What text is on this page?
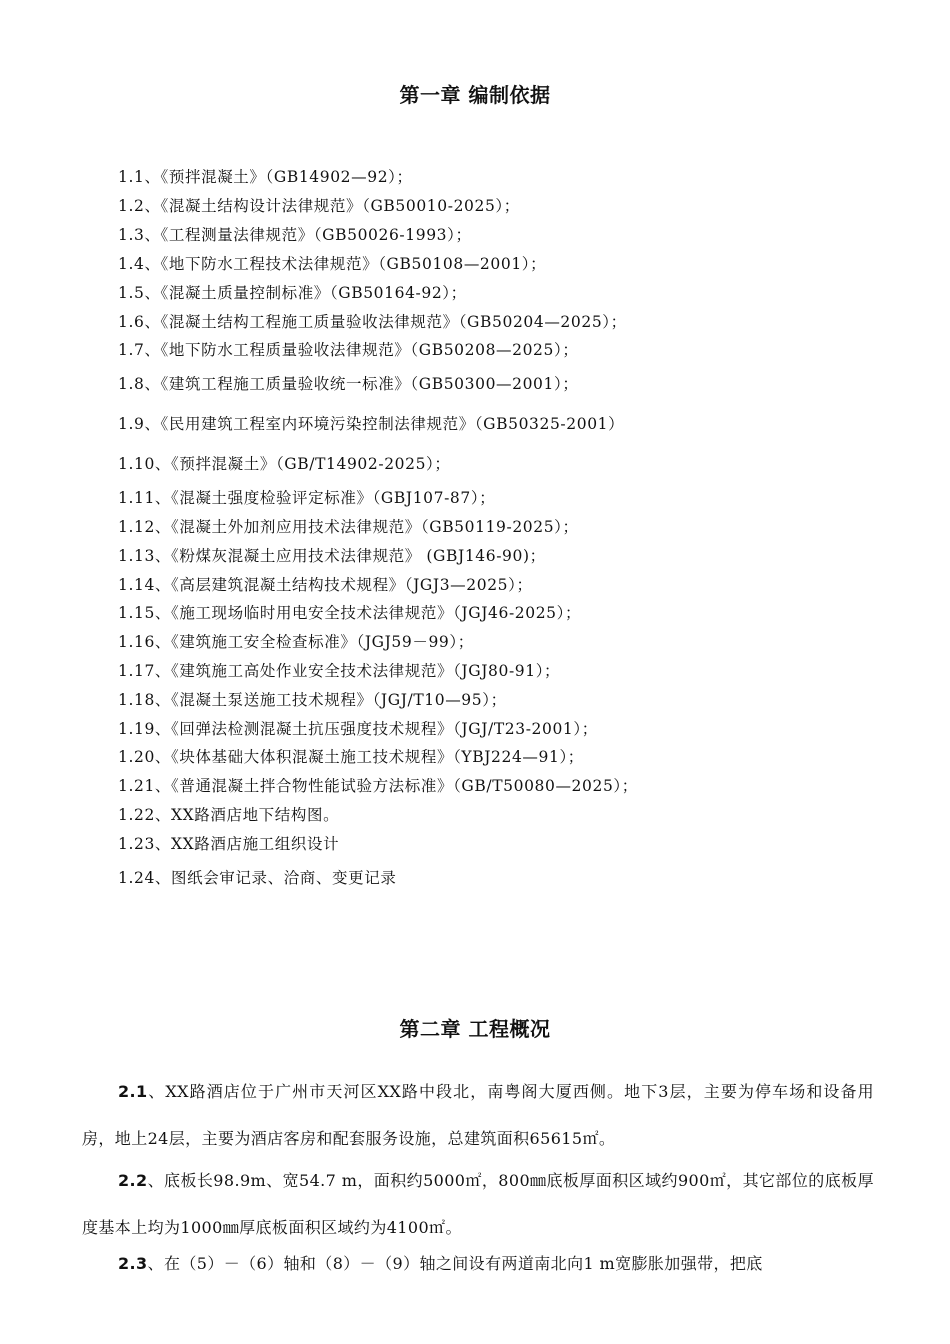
第一章 编制依据
1.1、《预拌混凝土》（GB14902—92）；
1.2、《混凝土结构设计法律规范》（GB50010-2025）；
1.3、《工程测量法律规范》（GB50026-1993）；
1.4、《地下防水工程技术法律规范》（GB50108—2001）；
1.5、《混凝土质量控制标准》（GB50164-92）；
1.6、《混凝土结构工程施工质量验收法律规范》（GB50204—2025）；
1.7、《地下防水工程质量验收法律规范》（GB50208—2025）；
1.8、《建筑工程施工质量验收统一标准》（GB50300—2001）；
1.9、《民用建筑工程室内环境污染控制法律规范》（GB50325-2001）
1.10、《预拌混凝土》（GB/T14902-2025）；
1.11、《混凝土强度检验评定标准》（GBJ107-87）；
1.12、《混凝土外加剂应用技术法律规范》（GB50119-2025）；
1.13、《粉煤灰混凝土应用技术法律规范》 (GBJ146-90)；
1.14、《高层建筑混凝土结构技术规程》（JGJ3—2025）；
1.15、《施工现场临时用电安全技术法律规范》（JGJ46-2025）；
1.16、《建筑施工安全检查标准》（JGJ59－99）；
1.17、《建筑施工高处作业安全技术法律规范》（JGJ80-91）；
1.18、《混凝土泵送施工技术规程》（JGJ/T10—95）；
1.19、《回弹法检测混凝土抗压强度技术规程》（JGJ/T23-2001）；
1.20、《块体基础大体积混凝土施工技术规程》（YBJ224—91）；
1.21、《普通混凝土拌合物性能试验方法标准》（GB/T50080—2025）；
1.22、XX路酒店地下结构图。
1.23、XX路酒店施工组织设计
1.24、图纸会审记录、洽商、变更记录
第二章 工程概况

2.1、XX路酒店位于广州市天河区XX路中段北，南粤阁大厦西侧。地下3层，主要为停车场和设备用房，地上24层，主要为酒店客房和配套服务设施，总建筑面积65615㎡。

2.2、底板长98.9m、宽54.7 m，面积约5000㎡，800㎜底板厚面积区域约900㎡，其它部位的底板厚度基本上均为1000㎜厚底板面积区域约为4100㎡。

2.3、在（5）－（6）轴和（8）－（9）轴之间设有两道南北向1 m宽膨胀加强带，把底
